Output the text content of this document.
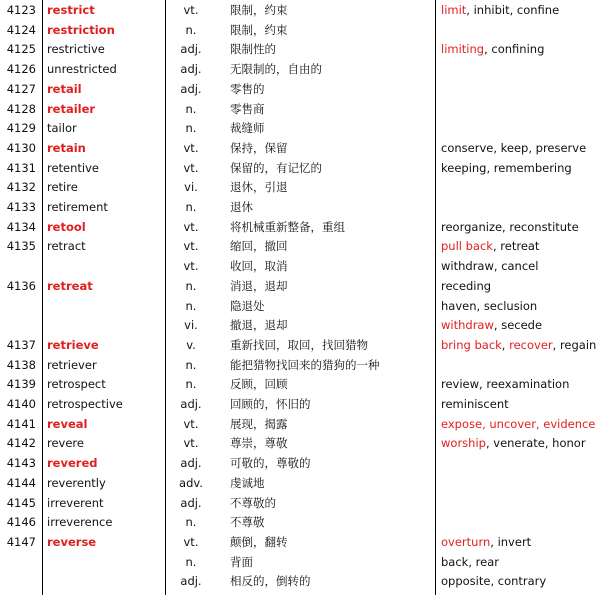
4123 restrict	vt.	限制，约束	limit, inhibit, confine
4124 restriction	n.	限制，约束
4125 restrictive	adj.	限制性的	limiting, confining
4126 unrestricted	adj.	无限制的，自由的
4127 retail	adj.	零售的
4128 retailer	n.	零售商
4129 tailor	n.	裁缝师
4130 retain	vt.	保持，保留	conserve, keep, preserve
4131 retentive	vt.	保留的，有记忆的	keeping, remembering
4132 retire	vi.	退休，引退
4133 retirement	n.	退休
4134 retool	vt.	将机械重新整备，重组	reorganize, reconstitute
4135 retract	vt.	缩回，撤回	pull back, retreat
vt.	收回，取消	withdraw, cancel
4136 retreat	n.	消退，退却	receding
n.	隐退处	haven, seclusion
vi.	撤退，退却	withdraw, secede
4137 retrieve	v.	重新找回，取回，找回猎物	bring back, recover, regain
4138 retriever	n.	能把猎物找回来的猎狗的一种
4139 retrospect	n.	反顾，回顾	review, reexamination
4140 retrospective	adj.	回顾的，怀旧的	reminiscent
4141 reveal	vt.	展现，揭露	expose, uncover, evidence
4142 revere	vt.	尊崇，尊敬	worship, venerate, honor
4143 revered	adj.	可敬的，尊敬的
4144 reverently	adv.	虔诚地
4145 irreverent	adj.	不尊敬的
4146 irreverence	n.	不尊敬
4147 reverse	vt.	颠倒，翻转	overturn, invert
n.	背面	back, rear
adj.	相反的，倒转的	opposite, contrary
